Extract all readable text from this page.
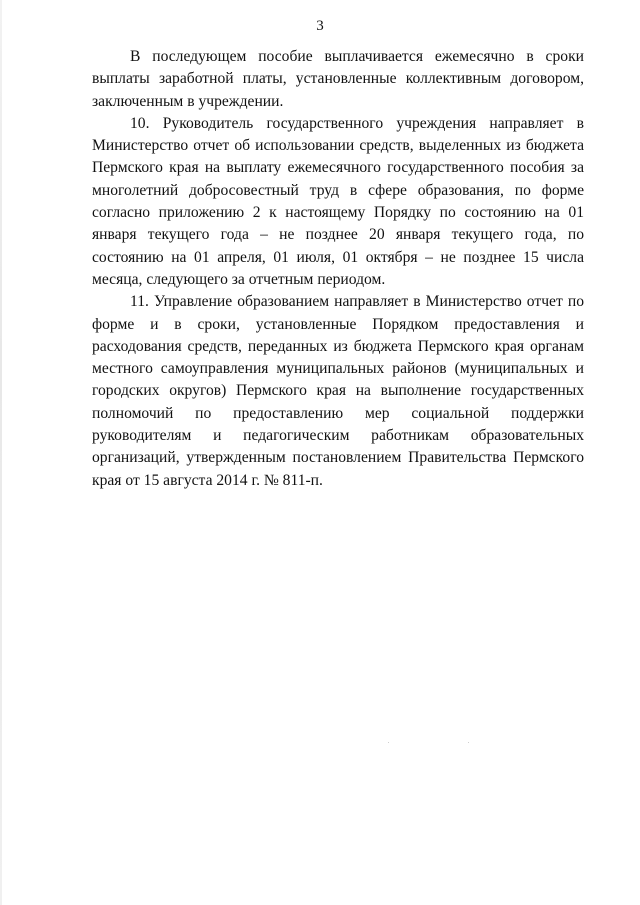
3

В последующем пособие выплачивается ежемесячно в сроки выплаты заработной платы, установленные коллективным договором, заключенным в учреждении.

10. Руководитель государственного учреждения направляет в Министерство отчет об использовании средств, выделенных из бюджета Пермского края на выплату ежемесячного государственного пособия за многолетний добросовестный труд в сфере образования, по форме согласно приложению 2 к настоящему Порядку по состоянию на 01 января текущего года – не позднее 20 января текущего года, по состоянию на 01 апреля, 01 июля, 01 октября – не позднее 15 числа месяца, следующего за отчетным периодом.

11. Управление образованием направляет в Министерство отчет по форме и в сроки, установленные Порядком предоставления и расходования средств, переданных из бюджета Пермского края органам местного самоуправления муниципальных районов (муниципальных и городских округов) Пермского края на выполнение государственных полномочий по предоставлению мер социальной поддержки руководителям и педагогическим работникам образовательных организаций, утвержденным постановлением Правительства Пермского края от 15 августа 2014 г. № 811-п.
